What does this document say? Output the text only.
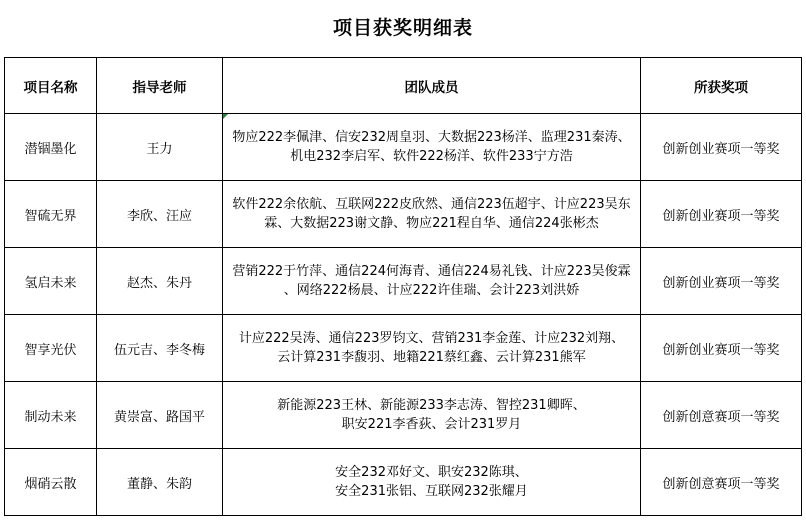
项目获奖明细表
项目名称	指导老师	团队成员	所获奖项
潜锢墨化	王力	物应222李佩津、信安232周皇羽、大数据223杨洋、监理231秦涛、
机电232李启军、软件222杨洋、软件233宁方浩	创新创业赛项一等奖
智硫无界	李欣、汪应	软件222余依航、互联网222皮欣然、通信223伍超宇、计应223吴东
霖、大数据223谢文静、物应221程自华、通信224张彬杰	创新创业赛项一等奖
氢启未来	赵杰、朱丹	营销222于竹萍、通信224何海青、通信224易礼钱、计应223吴俊霖
、网络222杨晨、计应222许佳瑞、会计223刘洪娇	创新创业赛项一等奖
智享光伏	伍元吉、李冬梅	计应222吴涛、通信223罗钧文、营销231李金莲、计应232刘翔、
云计算231李馥羽、地籍221蔡红鑫、云计算231熊军	创新创业赛项一等奖
制动未来	黄崇富、路国平	新能源223王林、新能源233李志涛、智控231卿晖、
职安221李香荻、会计231罗月	创新创意赛项一等奖
烟硝云散	董静、朱韵	安全232邓好文、职安232陈琪、
安全231张铝、互联网232张耀月	创新创意赛项一等奖
